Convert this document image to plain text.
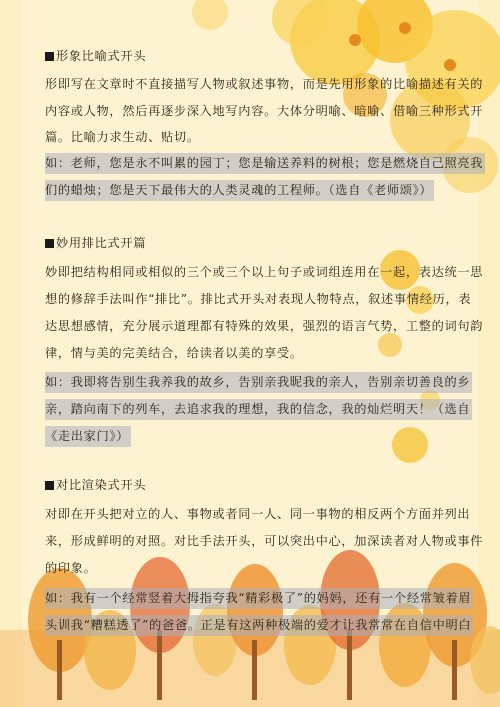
形象比喻式开头
形即写在文章时不直接描写人物或叙述事物，而是先用形象的比喻描述有关的
内容或人物，然后再逐步深入地写内容。大体分明喻、暗喻、借喻三种形式开
篇。比喻力求生动、贴切。
如：老师，您是永不叫累的园丁；您是输送养料的树根；您是燃烧自己照亮我
们的蜡烛；您是天下最伟大的人类灵魂的工程师。（选自《老师颂》）
妙用排比式开篇
妙即把结构相同或相似的三个或三个以上句子或词组连用在一起，表达统一思
想的修辞手法叫作“排比”。排比式开头对表现人物特点，叙述事情经历，表
达思想感情，充分展示道理都有特殊的效果，强烈的语言气势，工整的词句韵
律，情与美的完美结合，给读者以美的享受。
如：我即将告别生我养我的故乡，告别亲我昵我的亲人，告别亲切善良的乡
亲，踏向南下的列车，去追求我的理想，我的信念，我的灿烂明天！（选自
《走出家门》）
对比渲染式开头
对即在开头把对立的人、事物或者同一人、同一事物的相反两个方面并列出
来，形成鲜明的对照。对比手法开头，可以突出中心，加深读者对人物或事件
的印象。
如：我有一个经常竖着大拇指夸我“精彩极了”的妈妈，还有一个经常皱着眉
头训我“糟糕透了”的爸爸。正是有这两种极端的爱才让我常常在自信中明白
